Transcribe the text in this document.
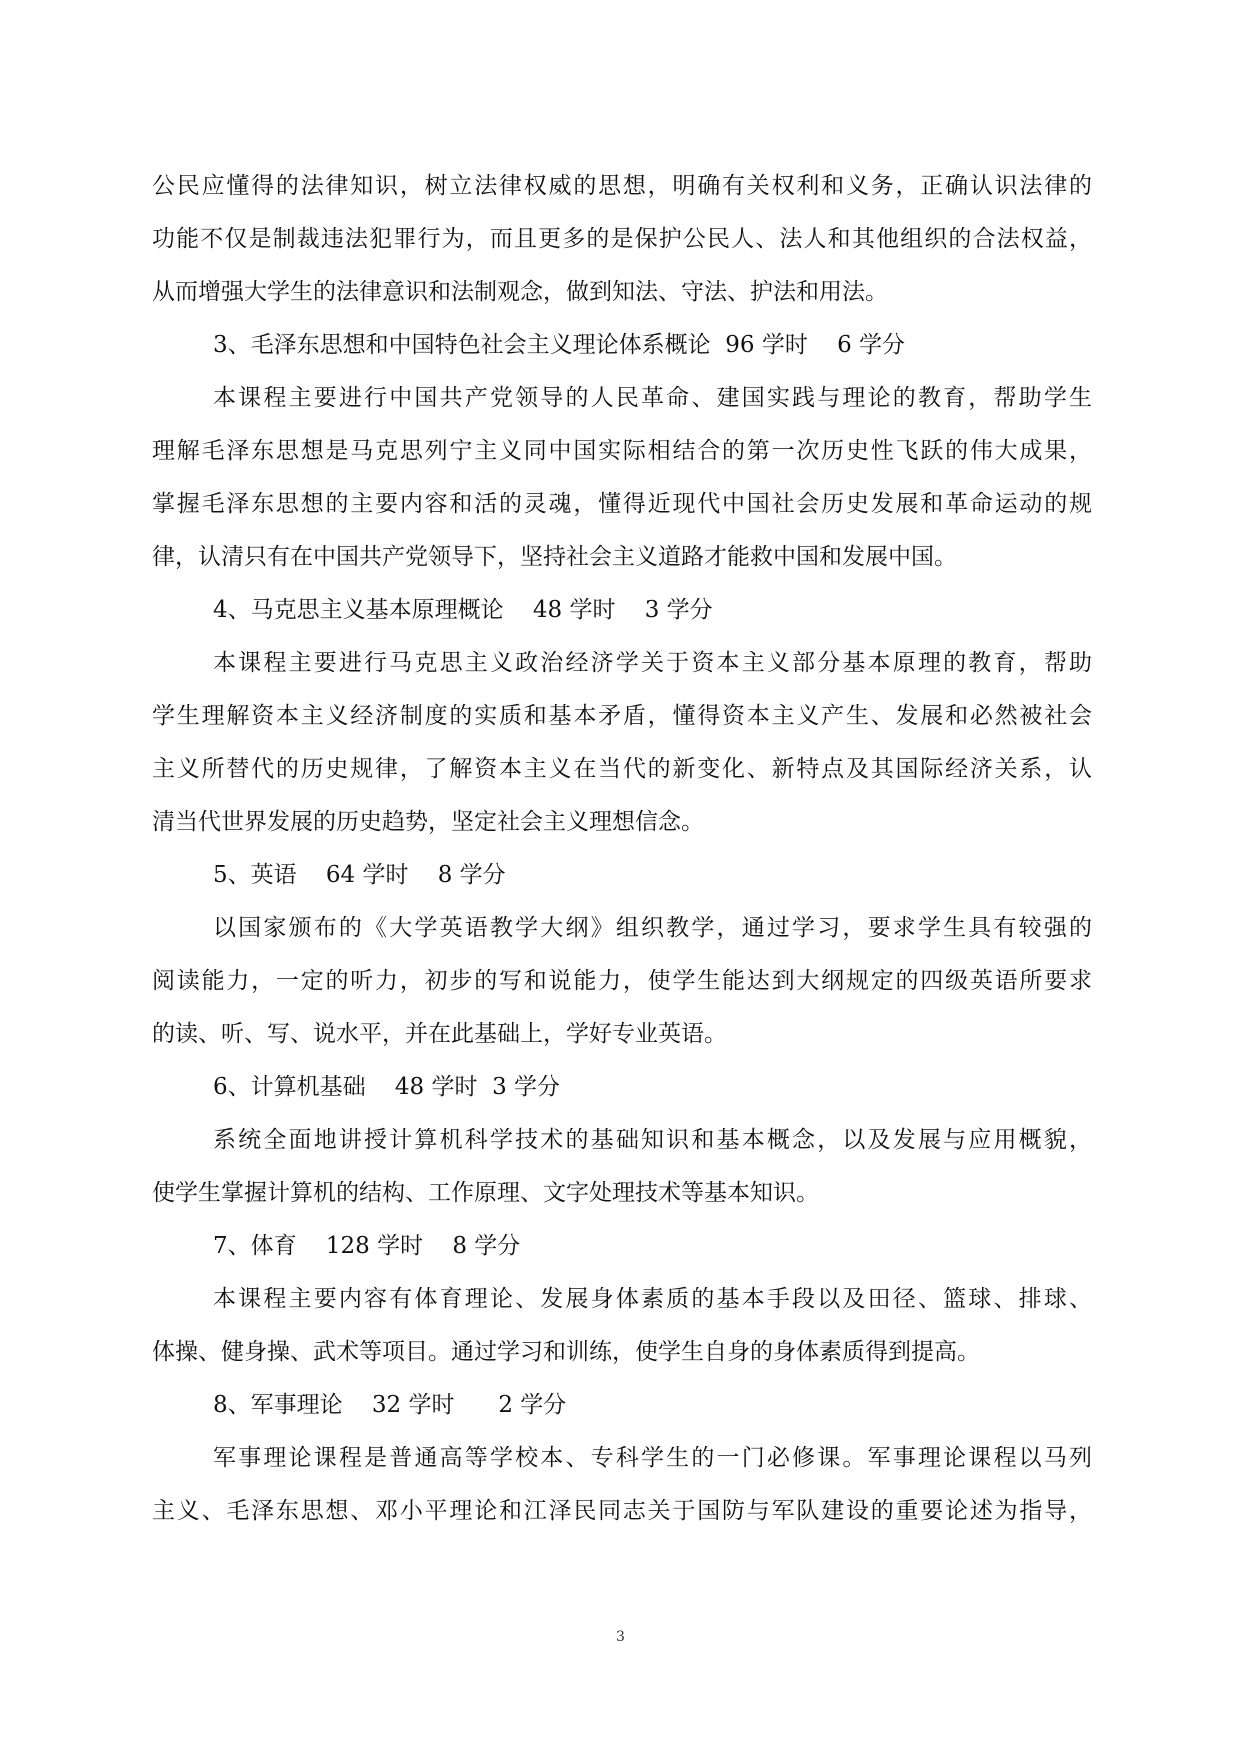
公民应懂得的法律知识，树立法律权威的思想，明确有关权利和义务，正确认识法律的
功能不仅是制裁违法犯罪行为，而且更多的是保护公民人、法人和其他组织的合法权益，
从而增强大学生的法律意识和法制观念，做到知法、守法、护法和用法。
3、毛泽东思想和中国特色社会主义理论体系概论  96 学时    6 学分
本课程主要进行中国共产党领导的人民革命、建国实践与理论的教育，帮助学生
理解毛泽东思想是马克思列宁主义同中国实际相结合的第一次历史性飞跃的伟大成果，
掌握毛泽东思想的主要内容和活的灵魂，懂得近现代中国社会历史发展和革命运动的规
律，认清只有在中国共产党领导下，坚持社会主义道路才能救中国和发展中国。
4、马克思主义基本原理概论    48 学时    3 学分
本课程主要进行马克思主义政治经济学关于资本主义部分基本原理的教育，帮助
学生理解资本主义经济制度的实质和基本矛盾，懂得资本主义产生、发展和必然被社会
主义所替代的历史规律，了解资本主义在当代的新变化、新特点及其国际经济关系，认
清当代世界发展的历史趋势，坚定社会主义理想信念。
5、英语    64 学时    8 学分
以国家颁布的《大学英语教学大纲》组织教学，通过学习，要求学生具有较强的
阅读能力，一定的听力，初步的写和说能力，使学生能达到大纲规定的四级英语所要求
的读、听、写、说水平，并在此基础上，学好专业英语。
6、计算机基础    48 学时  3 学分
系统全面地讲授计算机科学技术的基础知识和基本概念，以及发展与应用概貌，
使学生掌握计算机的结构、工作原理、文字处理技术等基本知识。
7、体育    128 学时    8 学分
本课程主要内容有体育理论、发展身体素质的基本手段以及田径、篮球、排球、
体操、健身操、武术等项目。通过学习和训练，使学生自身的身体素质得到提高。
8、军事理论    32 学时      2 学分
军事理论课程是普通高等学校本、专科学生的一门必修课。军事理论课程以马列
主义、毛泽东思想、邓小平理论和江泽民同志关于国防与军队建设的重要论述为指导，
3
